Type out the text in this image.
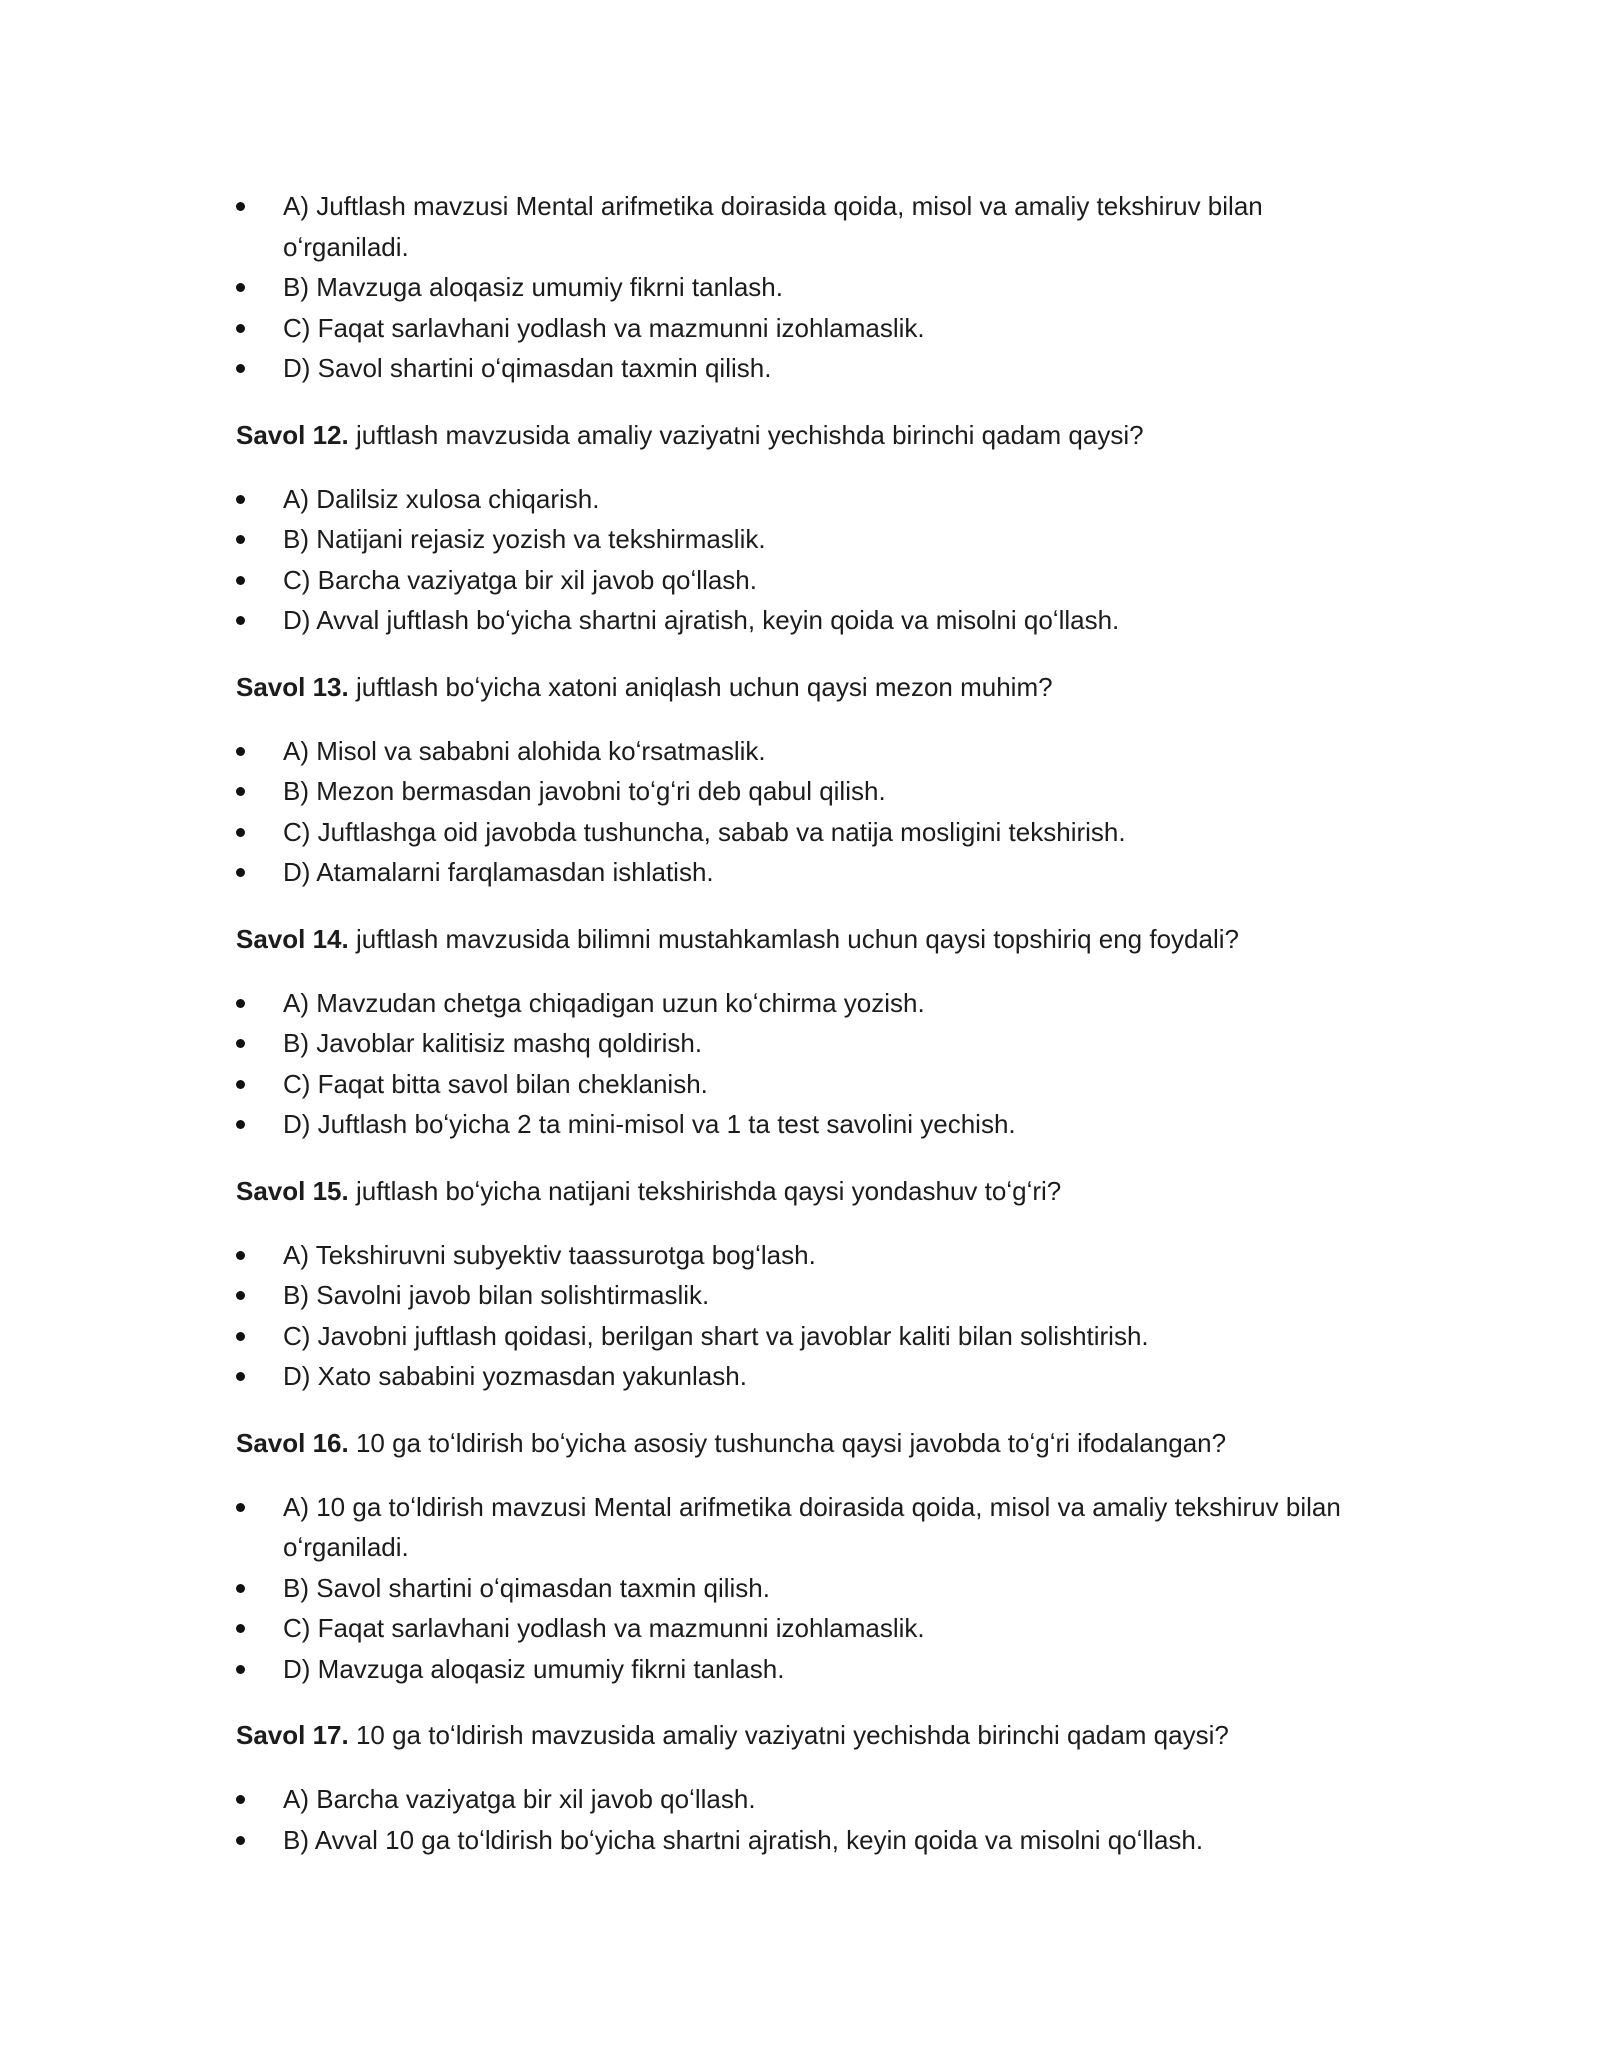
A) Juftlash mavzusi Mental arifmetika doirasida qoida, misol va amaliy tekshiruv bilan oʻrganiladi.
B) Mavzuga aloqasiz umumiy fikrni tanlash.
C) Faqat sarlavhani yodlash va mazmunni izohlamaslik.
D) Savol shartini oʻqimasdan taxmin qilish.

Savol 12. juftlash mavzusida amaliy vaziyatni yechishda birinchi qadam qaysi?

A) Dalilsiz xulosa chiqarish.
B) Natijani rejasiz yozish va tekshirmaslik.
C) Barcha vaziyatga bir xil javob qoʻllash.
D) Avval juftlash boʻyicha shartni ajratish, keyin qoida va misolni qoʻllash.

Savol 13. juftlash boʻyicha xatoni aniqlash uchun qaysi mezon muhim?

A) Misol va sababni alohida koʻrsatmaslik.
B) Mezon bermasdan javobni toʻgʻri deb qabul qilish.
C) Juftlashga oid javobda tushuncha, sabab va natija mosligini tekshirish.
D) Atamalarni farqlamasdan ishlatish.

Savol 14. juftlash mavzusida bilimni mustahkamlash uchun qaysi topshiriq eng foydali?

A) Mavzudan chetga chiqadigan uzun koʻchirma yozish.
B) Javoblar kalitisiz mashq qoldirish.
C) Faqat bitta savol bilan cheklanish.
D) Juftlash boʻyicha 2 ta mini-misol va 1 ta test savolini yechish.

Savol 15. juftlash boʻyicha natijani tekshirishda qaysi yondashuv toʻgʻri?

A) Tekshiruvni subyektiv taassurotga bogʻlash.
B) Savolni javob bilan solishtirmaslik.
C) Javobni juftlash qoidasi, berilgan shart va javoblar kaliti bilan solishtirish.
D) Xato sababini yozmasdan yakunlash.

Savol 16. 10 ga toʻldirish boʻyicha asosiy tushuncha qaysi javobda toʻgʻri ifodalangan?

A) 10 ga toʻldirish mavzusi Mental arifmetika doirasida qoida, misol va amaliy tekshiruv bilan oʻrganiladi.
B) Savol shartini oʻqimasdan taxmin qilish.
C) Faqat sarlavhani yodlash va mazmunni izohlamaslik.
D) Mavzuga aloqasiz umumiy fikrni tanlash.

Savol 17. 10 ga toʻldirish mavzusida amaliy vaziyatni yechishda birinchi qadam qaysi?

A) Barcha vaziyatga bir xil javob qoʻllash.
B) Avval 10 ga toʻldirish boʻyicha shartni ajratish, keyin qoida va misolni qoʻllash.
